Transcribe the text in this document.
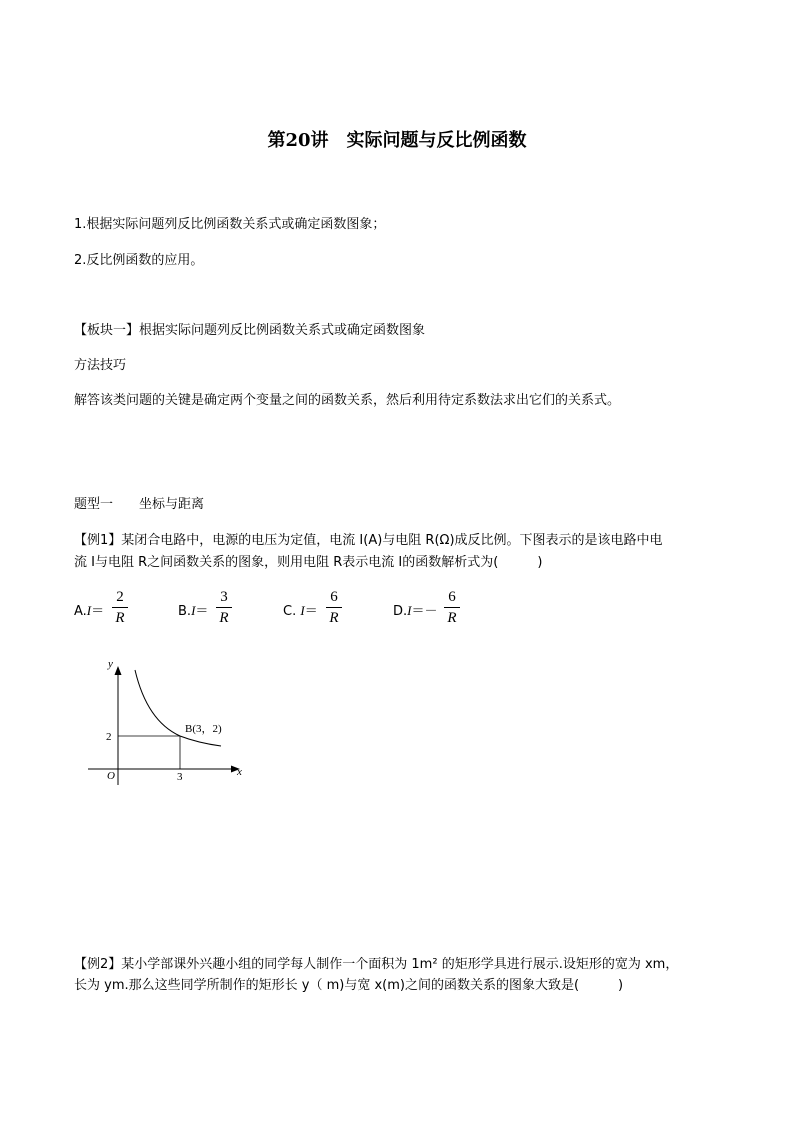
第20讲　实际问题与反比例函数
1.根据实际问题列反比例函数关系式或确定函数图象；
2.反比例函数的应用。
【板块一】根据实际问题列反比例函数关系式或确定函数图象
方法技巧
解答该类问题的关键是确定两个变量之间的函数关系，然后利用待定系数法求出它们的关系式。
题型一　　坐标与距离
【例1】某闭合电路中，电源的电压为定值，电流 I(A)与电阻 R(Ω)成反比例。下图表示的是该电路中电
流 I与电阻 R之间函数关系的图象，则用电阻 R表示电流 I的函数解析式为(　　　)
A.I＝
2
R	B.I＝
3
R	C. I＝
6
R	D.I＝－
6
R
y
x
O
2
3
B(3，2)
【例2】某小学部课外兴趣小组的同学每人制作一个面积为 1m² 的矩形学具进行展示.设矩形的宽为 xm，
长为 ym.那么这些同学所制作的矩形长 y（ m)与宽 x(m)之间的函数关系的图象大致是(　　　)
